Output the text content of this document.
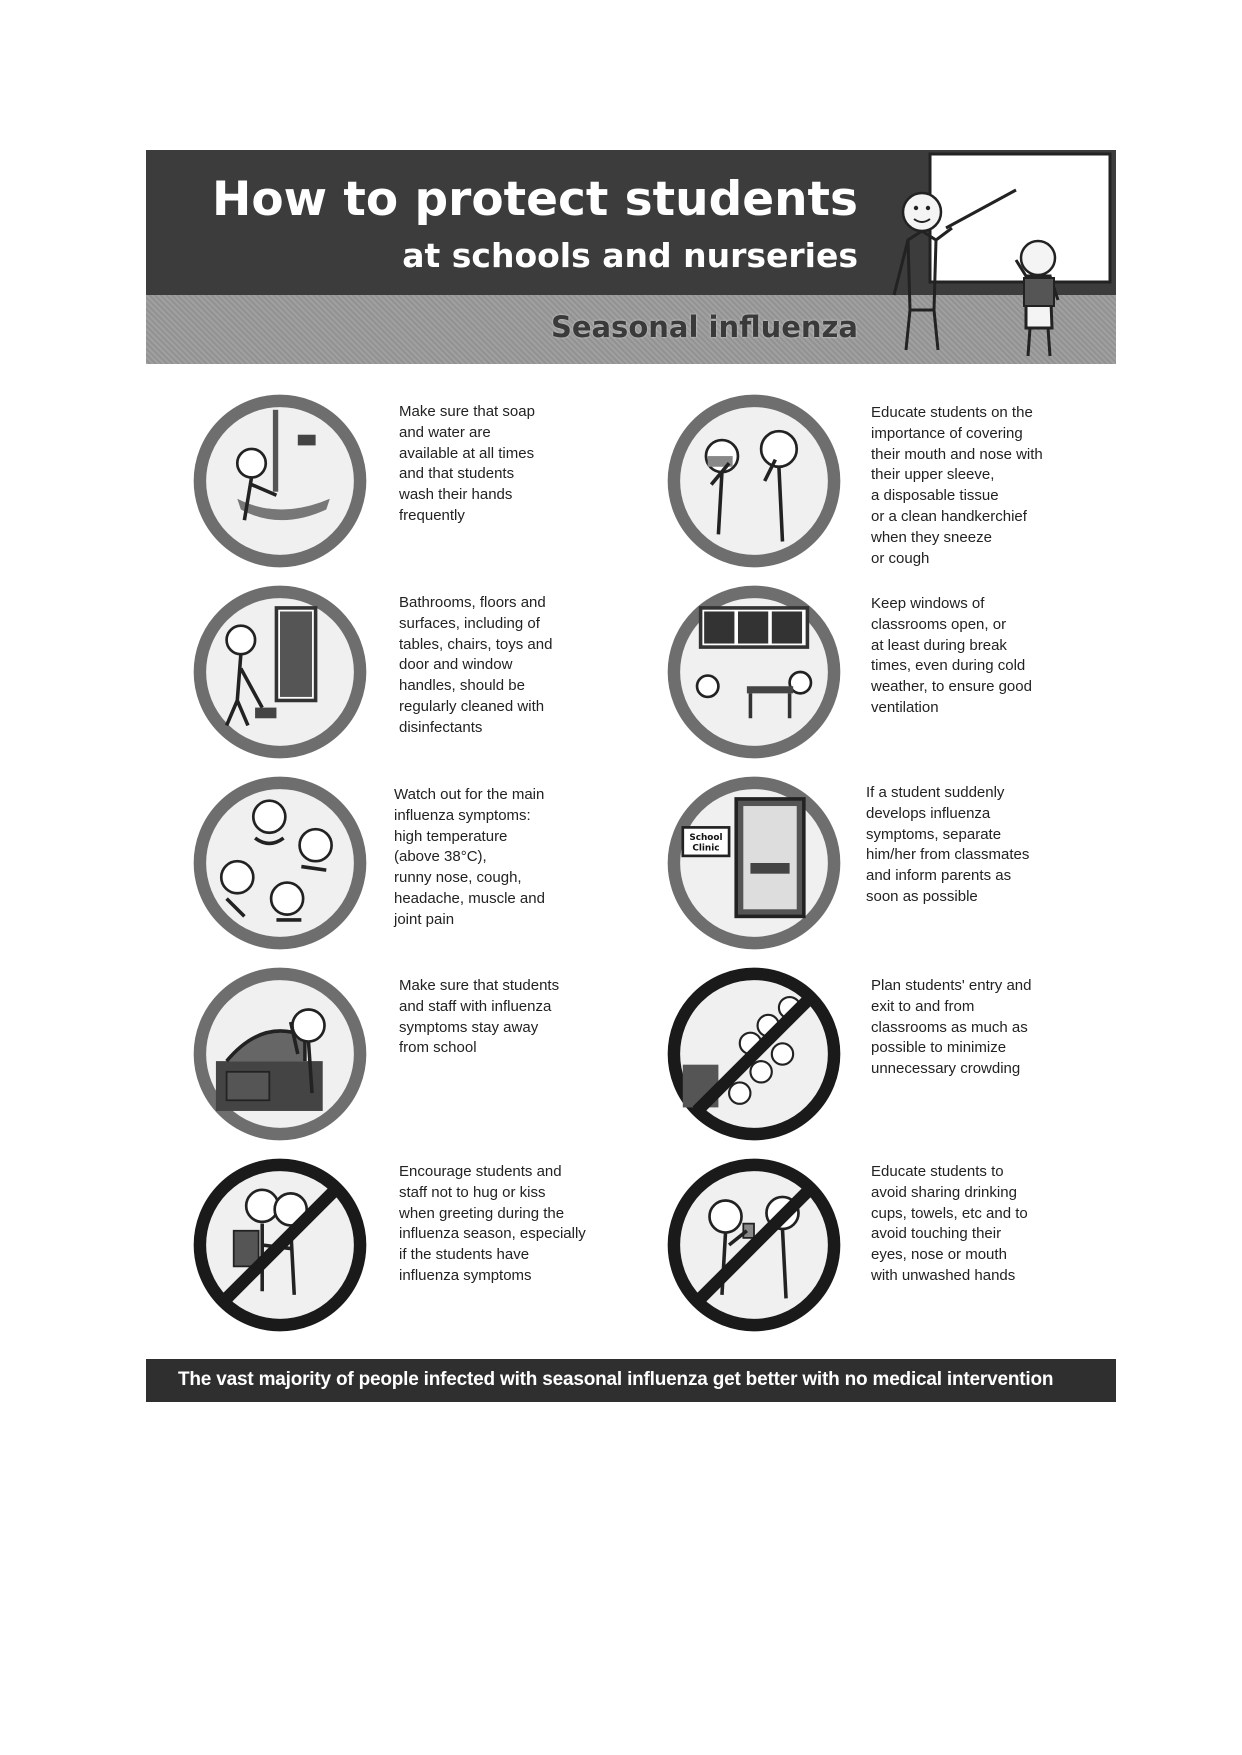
How to protect students
at schools and nurseries
Seasonal influenza
Make sure that soap
and water are
available at all times
and that students
wash their hands
frequently
Educate students on the
importance of covering
their mouth and nose with
their upper sleeve,
a disposable tissue
or a clean handkerchief
when they sneeze
or cough
Bathrooms, floors and
surfaces, including of
tables, chairs, toys and
door and window
handles, should be
regularly cleaned with
disinfectants
Keep windows of
classrooms open, or
at least during break
times, even during cold
weather, to ensure good
ventilation
Watch out for the main
influenza symptoms:
high temperature
(above 38°C),
runny nose, cough,
headache, muscle and
joint pain
School
Clinic
If a student suddenly
develops influenza
symptoms, separate
him/her from classmates
and inform parents as
soon as possible
Make sure that students
and staff with influenza
symptoms stay away
from school
Plan students' entry and
exit to and from
classrooms as much as
possible to minimize
unnecessary crowding
Encourage students and
staff not to hug or kiss
when greeting during the
influenza season, especially
if the students have
influenza symptoms
Educate students to
avoid sharing drinking
cups, towels, etc and to
avoid touching their
eyes, nose or mouth
with unwashed hands
The vast majority of people infected with seasonal influenza get better with no medical intervention
